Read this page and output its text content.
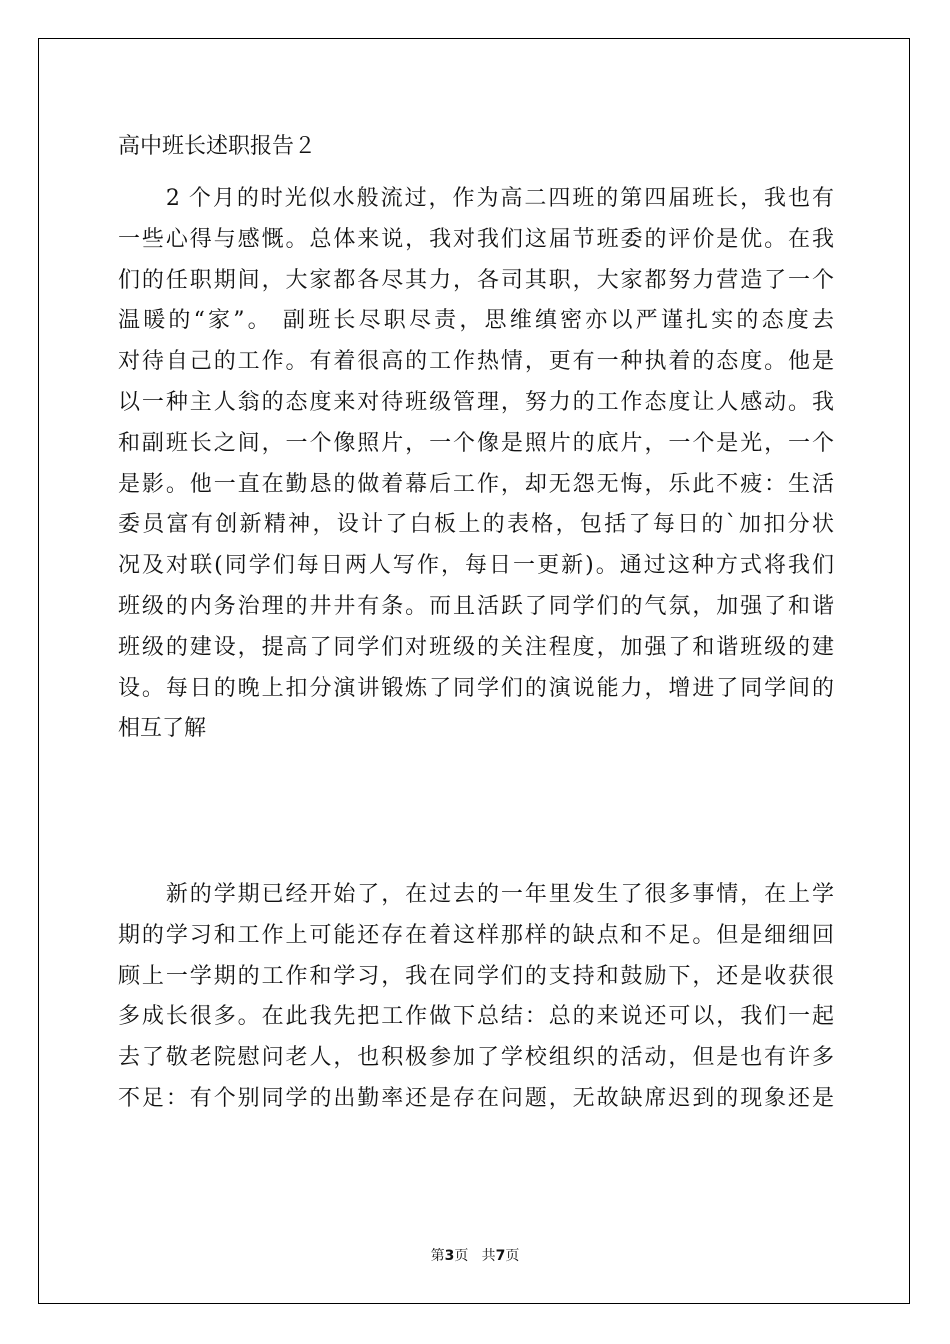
高中班长述职报告２
　　2 个月的时光似水般流过，作为高二四班的第四届班长，我也有
一些心得与感慨。总体来说，我对我们这届节班委的评价是优。在我
们的任职期间，大家都各尽其力，各司其职，大家都努力营造了一个
温暖的“家”。 副班长尽职尽责，思维缜密亦以严谨扎实的态度去
对待自己的工作。有着很高的工作热情，更有一种执着的态度。他是
以一种主人翁的态度来对待班级管理，努力的工作态度让人感动。我
和副班长之间，一个像照片，一个像是照片的底片，一个是光，一个
是影。他一直在勤恳的做着幕后工作，却无怨无悔，乐此不疲：生活
委员富有创新精神，设计了白板上的表格，包括了每日的`加扣分状
况及对联(同学们每日两人写作，每日一更新)。通过这种方式将我们
班级的内务治理的井井有条。而且活跃了同学们的气氛，加强了和谐
班级的建设，提高了同学们对班级的关注程度，加强了和谐班级的建
设。每日的晚上扣分演讲锻炼了同学们的演说能力，增进了同学间的
相互了解
　　新的学期已经开始了，在过去的一年里发生了很多事情，在上学
期的学习和工作上可能还存在着这样那样的缺点和不足。但是细细回
顾上一学期的工作和学习，我在同学们的支持和鼓励下，还是收获很
多成长很多。在此我先把工作做下总结：总的来说还可以，我们一起
去了敬老院慰问老人，也积极参加了学校组织的活动，但是也有许多
不足：有个别同学的出勤率还是存在问题，无故缺席迟到的现象还是
第3页 共7页
